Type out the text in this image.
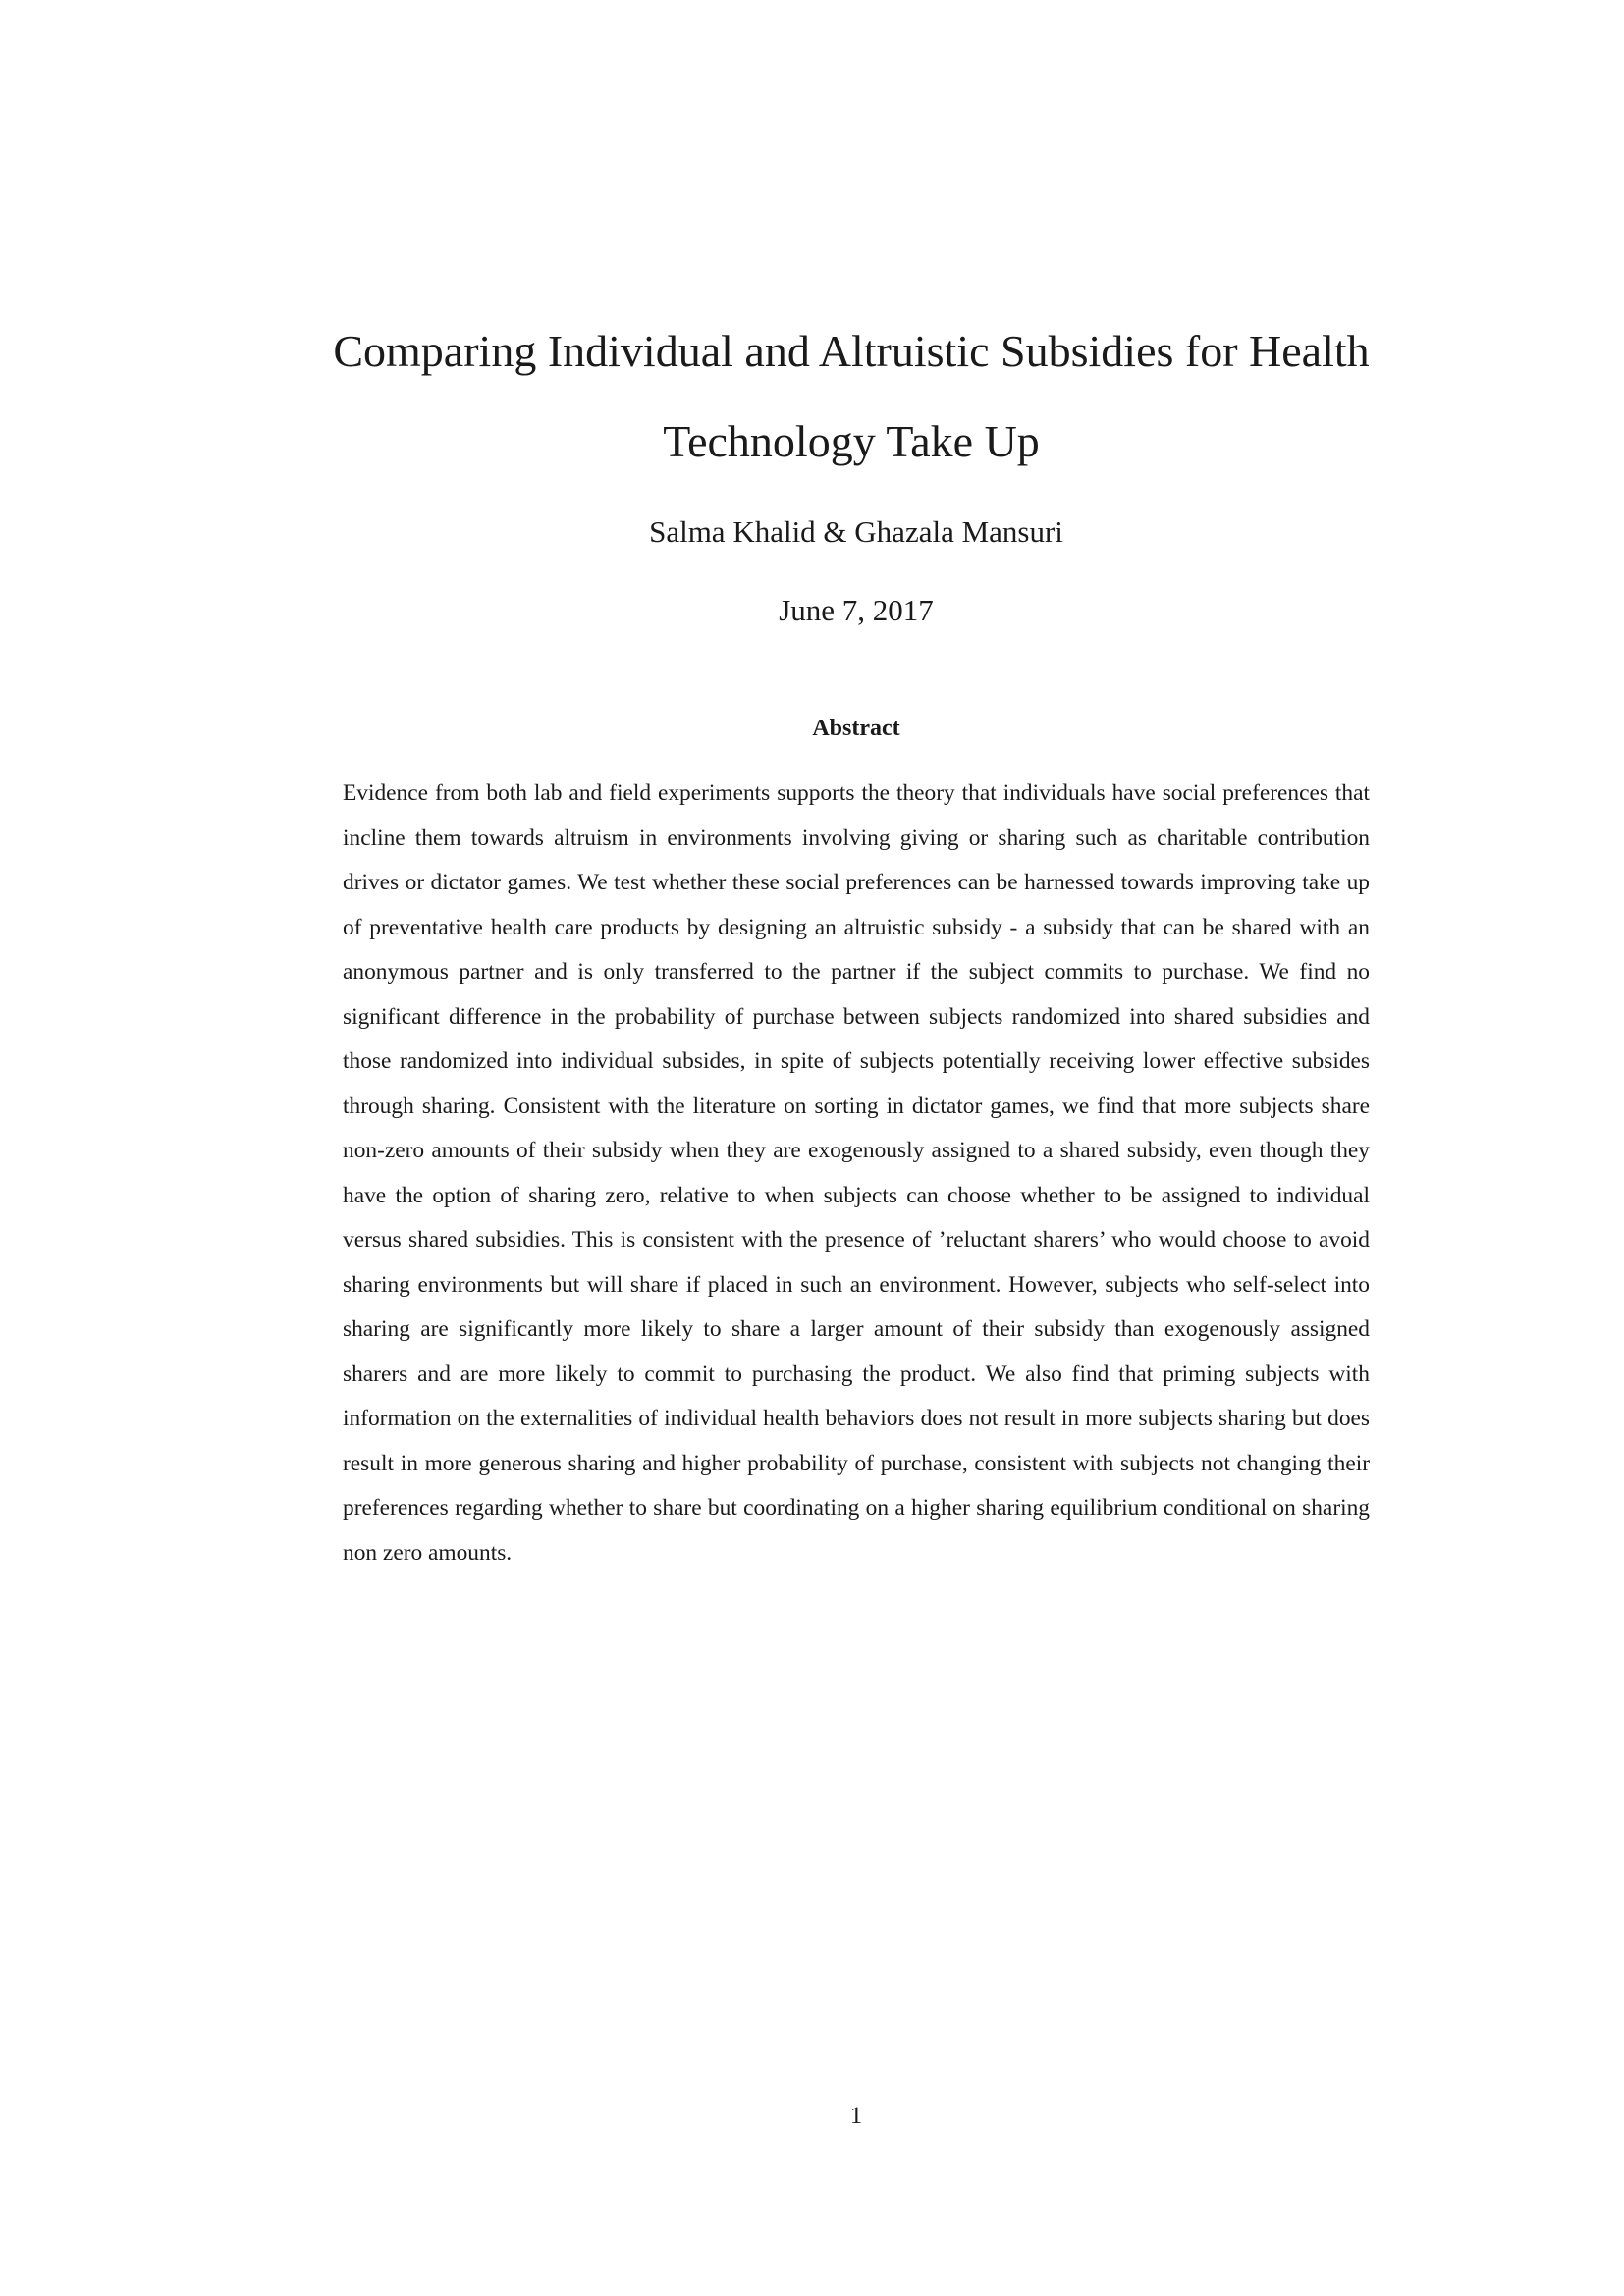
Comparing Individual and Altruistic Subsidies for Health Technology Take Up
Salma Khalid & Ghazala Mansuri
June 7, 2017
Abstract

Evidence from both lab and field experiments supports the theory that individuals have social preferences that incline them towards altruism in environments involving giving or sharing such as charitable contribution drives or dictator games. We test whether these social preferences can be harnessed towards improving take up of preventative health care products by designing an altruistic subsidy - a subsidy that can be shared with an anonymous partner and is only transferred to the partner if the subject commits to purchase. We find no significant difference in the probability of purchase between subjects randomized into shared subsidies and those randomized into individual subsides, in spite of subjects potentially receiving lower effective subsides through sharing. Consistent with the literature on sorting in dictator games, we find that more subjects share non-zero amounts of their subsidy when they are exogenously assigned to a shared subsidy, even though they have the option of sharing zero, relative to when subjects can choose whether to be assigned to individual versus shared subsidies. This is consistent with the presence of ’reluctant sharers’ who would choose to avoid sharing environments but will share if placed in such an environment. However, subjects who self-select into sharing are significantly more likely to share a larger amount of their subsidy than exogenously assigned sharers and are more likely to commit to purchasing the product. We also find that priming subjects with information on the externalities of individual health behaviors does not result in more subjects sharing but does result in more generous sharing and higher probability of purchase, consistent with subjects not changing their preferences regarding whether to share but coordinating on a higher sharing equilibrium conditional on sharing non zero amounts.

1
